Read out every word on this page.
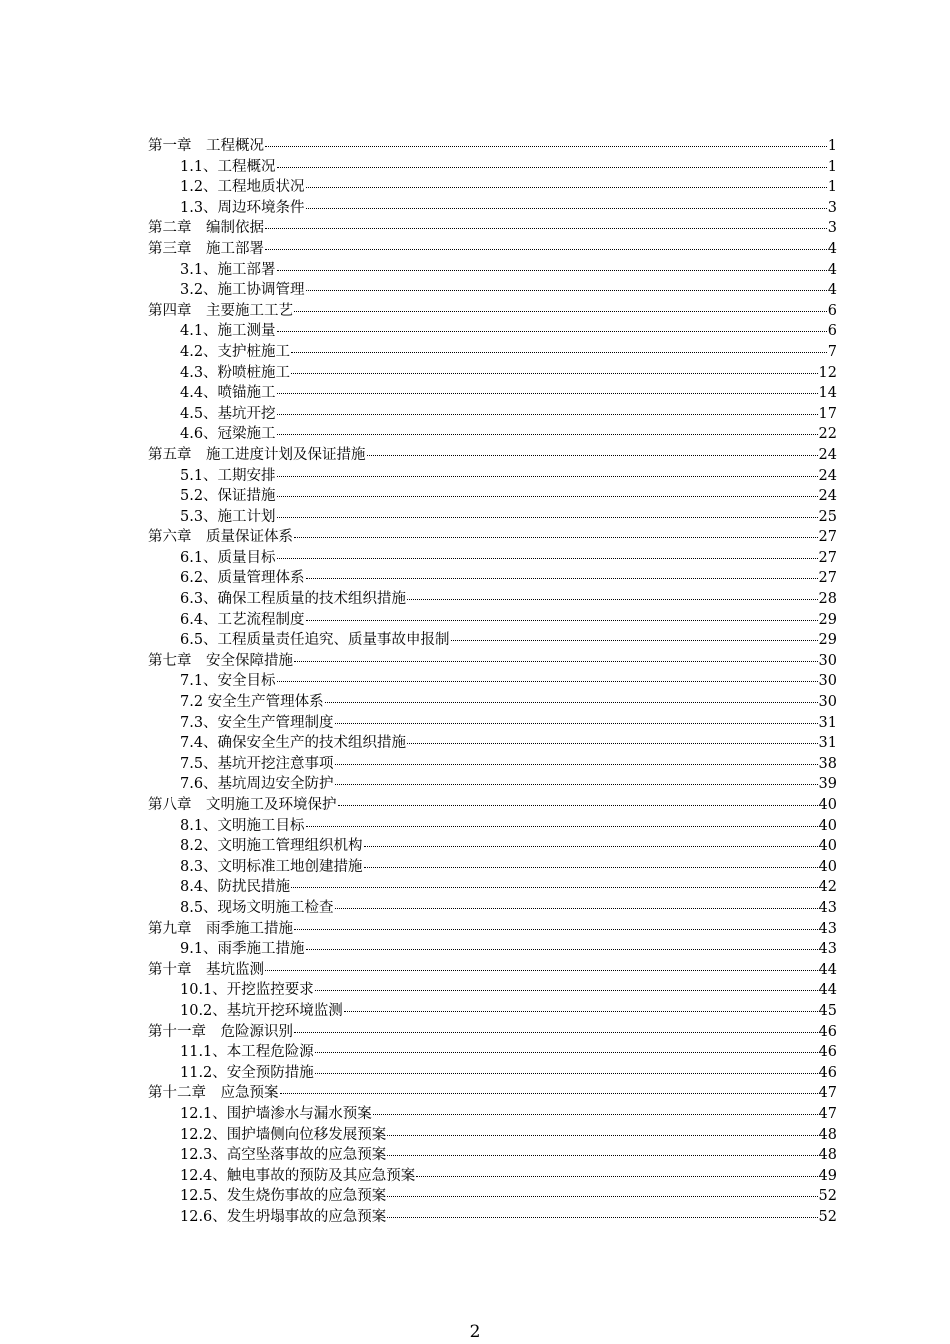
第一章　工程概况	1
1.1、工程概况	1
1.2、工程地质状况	1
1.3、周边环境条件	3
第二章　编制依据	3
第三章　施工部署	4
3.1、施工部署	4
3.2、施工协调管理	4
第四章　主要施工工艺	6
4.1、施工测量	6
4.2、支护桩施工	7
4.3、粉喷桩施工	12
4.4、喷锚施工	14
4.5、基坑开挖	17
4.6、冠梁施工	22
第五章　施工进度计划及保证措施	24
5.1、工期安排	24
5.2、保证措施	24
5.3、施工计划	25
第六章　质量保证体系	27
6.1、质量目标	27
6.2、质量管理体系	27
6.3、确保工程质量的技术组织措施	28
6.4、工艺流程制度	29
6.5、工程质量责任追究、质量事故申报制	29
第七章　安全保障措施	30
7.1、安全目标	30
7.2 安全生产管理体系	30
7.3、安全生产管理制度	31
7.4、确保安全生产的技术组织措施	31
7.5、基坑开挖注意事项	38
7.6、基坑周边安全防护	39
第八章　文明施工及环境保护	40
8.1、文明施工目标	40
8.2、文明施工管理组织机构	40
8.3、文明标准工地创建措施	40
8.4、防扰民措施	42
8.5、现场文明施工检查	43
第九章　雨季施工措施	43
9.1、雨季施工措施	43
第十章　基坑监测	44
10.1、开挖监控要求	44
10.2、基坑开挖环境监测	45
第十一章　危险源识别	46
11.1、本工程危险源	46
11.2、安全预防措施	46
第十二章　应急预案	47
12.1、围护墙渗水与漏水预案	47
12.2、围护墙侧向位移发展预案	48
12.3、高空坠落事故的应急预案	48
12.4、触电事故的预防及其应急预案	49
12.5、发生烧伤事故的应急预案	52
12.6、发生坍塌事故的应急预案	52
2
